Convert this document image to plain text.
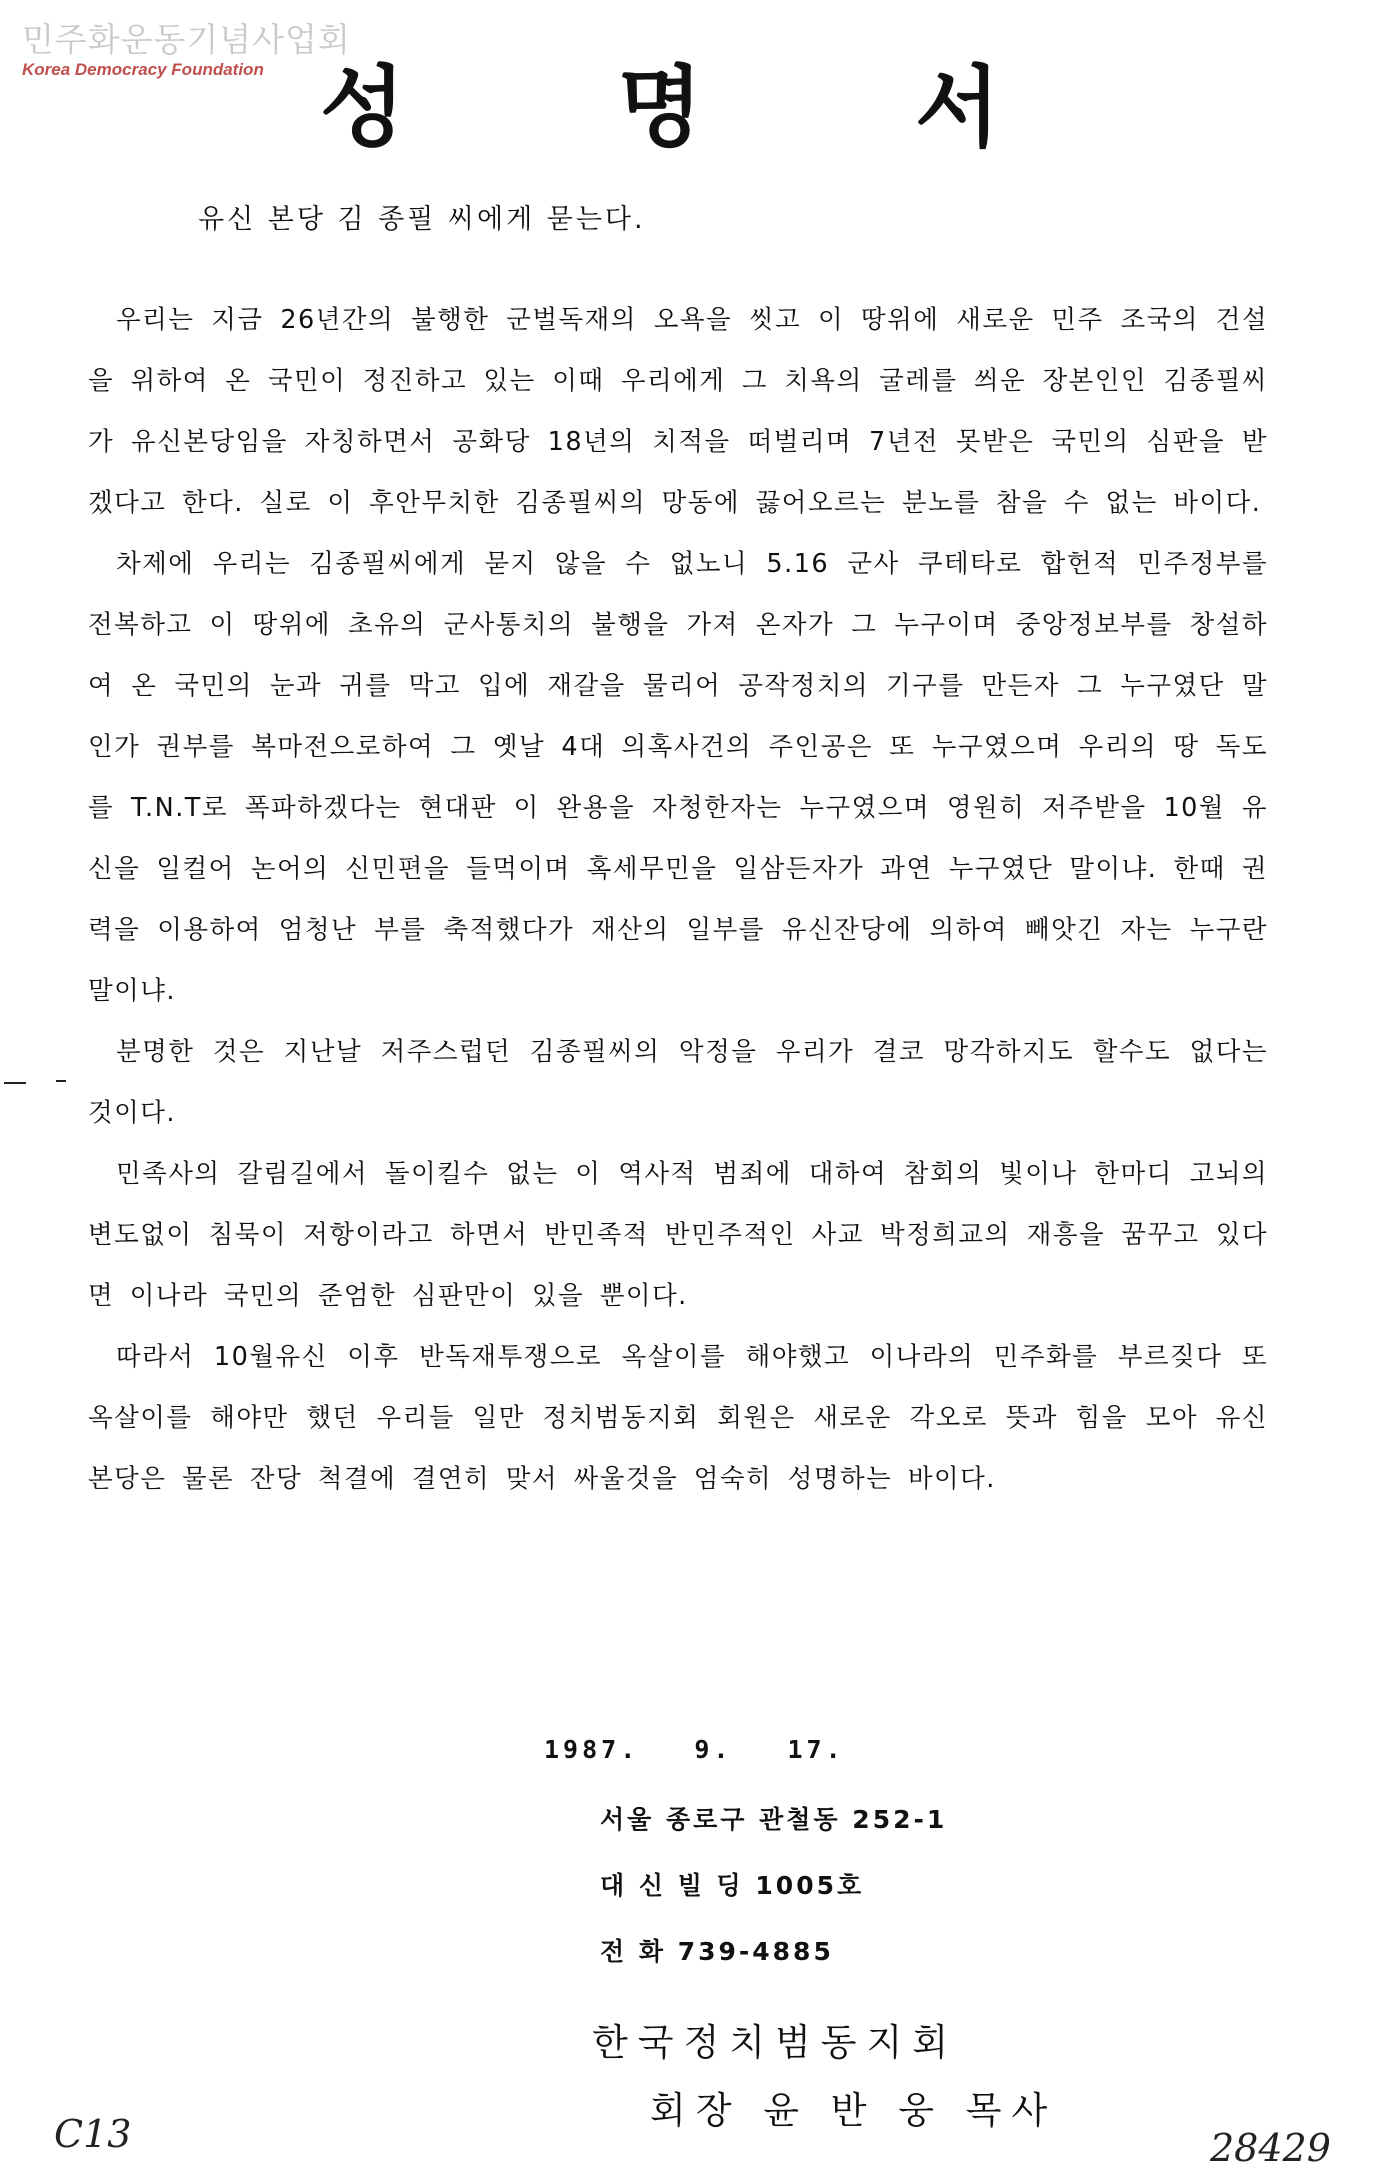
민주화운동기념사업회
Korea Democracy Foundation 성 명 서
유신 본당 김 종필 씨에게 묻는다.

우리는 지금 26년간의 불행한 군벌독재의 오욕을 씻고 이 땅위에 새로운 민주 조국의 건설을 위하여 온 국민이 정진하고 있는 이때 우리에게 그 치욕의 굴레를 씌운 장본인인 김종필씨가 유신본당임을 자칭하면서 공화당 18년의 치적을 떠벌리며 7년전 못받은 국민의 심판을 받겠다고 한다. 실로 이 후안무치한 김종필씨의 망동에 끓어오르는 분노를 참을 수 없는 바이다.

차제에 우리는 김종필씨에게 묻지 않을 수 없노니 5.16 군사 쿠테타로 합헌적 민주정부를 전복하고 이 땅위에 초유의 군사통치의 불행을 가져 온자가 그 누구이며 중앙정보부를 창설하여 온 국민의 눈과 귀를 막고 입에 재갈을 물리어 공작정치의 기구를 만든자 그 누구였단 말인가 권부를 복마전으로하여 그 옛날 4대 의혹사건의 주인공은 또 누구였으며 우리의 땅 독도를 T.N.T로 폭파하겠다는 현대판 이 완용을 자청한자는 누구였으며 영원히 저주받을 10월 유신을 일컬어 논어의 신민편을 들먹이며 혹세무민을 일삼든자가 과연 누구였단 말이냐. 한때 권력을 이용하여 엄청난 부를 축적했다가 재산의 일부를 유신잔당에 의하여 빼앗긴 자는 누구란 말이냐.

분명한 것은 지난날 저주스럽던 김종필씨의 악정을 우리가 결코 망각하지도 할수도 없다는 것이다.

민족사의 갈림길에서 돌이킬수 없는 이 역사적 범죄에 대하여 참회의 빛이나 한마디 고뇌의 변도없이 침묵이 저항이라고 하면서 반민족적 반민주적인 사교 박정희교의 재흥을 꿈꾸고 있다면 이나라 국민의 준엄한 심판만이 있을 뿐이다.

따라서 10월유신 이후 반독재투쟁으로 옥살이를 해야했고 이나라의 민주화를 부르짖다 또 옥살이를 해야만 했던 우리들 일만 정치범동지회 회원은 새로운 각오로 뜻과 힘을 모아 유신본당은 물론 잔당 척결에 결연히 맞서 싸울것을 엄숙히 성명하는 바이다.

1987. 9. 17.
서울 종로구 관철동 252-1
대 신 빌 딩 1005호
전 화 739-4885
한국정치범동지회
회장 윤 반 웅 목사
C13	28429
